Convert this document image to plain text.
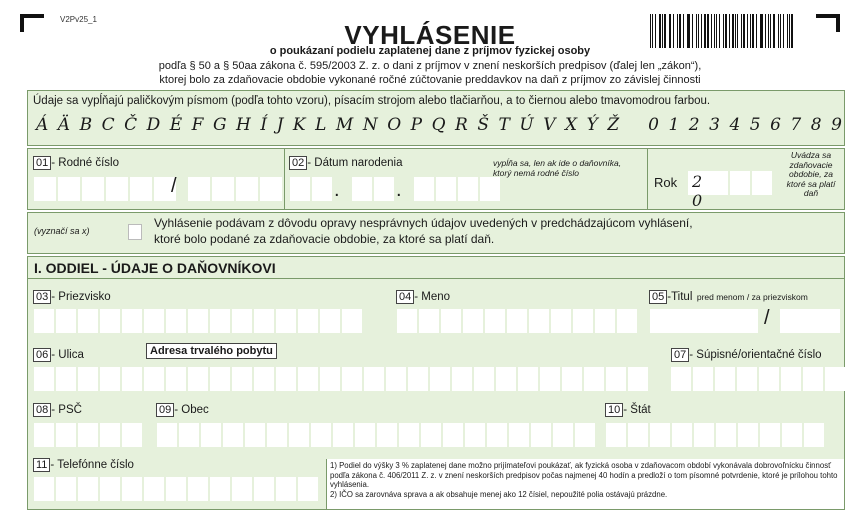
V2Pv25_1
VYHLÁSENIE
o poukázaní podielu zaplatenej dane z príjmov fyzickej osoby
podľa § 50 a § 50aa zákona č. 595/2003 Z. z. o dani z príjmov v znení neskorších predpisov (ďalej len „zákon“),
ktorej bolo za zdaňovacie obdobie vykonané ročné zúčtovanie preddavkov na daň z príjmov zo závislej činnosti
Údaje sa vypĺňajú paličkovým písmom (podľa tohto vzoru), písacím strojom alebo tlačiarňou, a to čiernou alebo tmavomodrou farbou.
Á Ä B C Č D É F G H Í J K L M N O P Q R Š T Ú V X Ý Ž 0 1 2 3 4 5 6 7 8 9
01 - Rodné číslo
/
02 - Dátum narodenia	vypĺňa sa, len ak ide o daňovníka, ktorý nemá rodné číslo
.	.	Rok 2 0
Uvádza sa zdaňovacie obdobie, za ktoré sa platí daň
(vyznačí sa x)
Vyhlásenie podávam z dôvodu opravy nesprávnych údajov uvedených v predchádzajúcom vyhlásení,
ktoré bolo podané za zdaňovacie obdobie, za ktoré sa platí daň.
I. ODDIEL - ÚDAJE O DAŇOVNÍKOVI
03 - Priezvisko	04 - Meno	05 -Titul pred menom / za priezviskom
/
06 - Ulica	Adresa trvalého pobytu	07 - Súpisné/orientačné číslo
08 - PSČ	09 - Obec	10 - Štát
11 - Telefónne číslo	1) Podiel do výšky 3 % zaplatenej dane možno prijímateľovi poukázať, ak fyzická osoba v zdaňovacom období vykonávala dobrovoľnícku činnosť podľa zákona č. 406/2011 Z. z. v znení neskorších predpisov počas najmenej 40 hodín a predloží o tom písomné potvrdenie, ktoré je prílohou tohto vyhlásenia.
2) IČO sa zarovnáva sprava a ak obsahuje menej ako 12 čísiel, nepoužité polia ostávajú prázdne.
